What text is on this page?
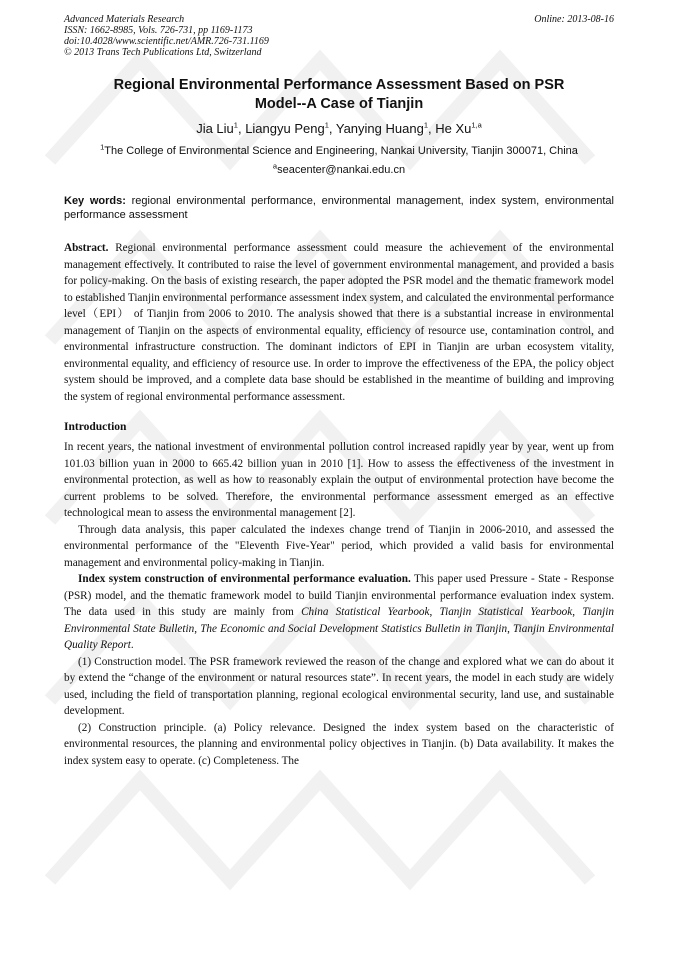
Advanced Materials Research
ISSN: 1662-8985, Vols. 726-731, pp 1169-1173
doi:10.4028/www.scientific.net/AMR.726-731.1169
© 2013 Trans Tech Publications Ltd, Switzerland
Online: 2013-08-16
Regional Environmental Performance Assessment Based on PSR
Model--A Case of Tianjin
Jia Liu$^1$, Liangyu Peng$^1$, Yanying Huang$^1$, He Xu$^{1,a}$
$^1$The College of Environmental Science and Engineering, Nankai University, Tianjin 300071, China
$^a$seacenter@nankai.edu.cn
Key words: regional environmental performance, environmental management, index system, environmental performance assessment

Abstract. Regional environmental performance assessment could measure the achievement of the environmental management effectively. It contributed to raise the level of government environmental management, and provided a basis for policy-making. On the basis of existing research, the paper adopted the PSR model and the thematic framework model to established Tianjin environmental performance assessment index system, and calculated the environmental performance level（EPI） of Tianjin from 2006 to 2010. The analysis showed that there is a substantial increase in environmental management of Tianjin on the aspects of environmental equality, efficiency of resource use, contamination control, and environmental infrastructure construction. The dominant indictors of EPI in Tianjin are urban ecosystem vitality, environmental equality, and efficiency of resource use. In order to improve the effectiveness of the EPA, the policy object system should be improved, and a complete data base should be established in the meantime of building and improving the system of regional environmental performance assessment.

Introduction

In recent years, the national investment of environmental pollution control increased rapidly year by year, went up from 101.03 billion yuan in 2000 to 665.42 billion yuan in 2010 [1]. How to assess the effectiveness of the investment in environmental protection, as well as how to reasonably explain the output of environmental protection have become the current problems to be solved. Therefore, the environmental performance assessment emerged as an effective technological mean to assess the environmental management [2].

Through data analysis, this paper calculated the indexes change trend of Tianjin in 2006-2010, and assessed the environmental performance of the "Eleventh Five-Year" period, which provided a valid basis for environmental management and environmental policy-making in Tianjin.

Index system construction of environmental performance evaluation. This paper used Pressure - State - Response (PSR) model, and the thematic framework model to build Tianjin environmental performance evaluation index system. The data used in this study are mainly from China Statistical Yearbook, Tianjin Statistical Yearbook, Tianjin Environmental State Bulletin, The Economic and Social Development Statistics Bulletin in Tianjin, Tianjin Environmental Quality Report.

(1) Construction model. The PSR framework reviewed the reason of the change and explored what we can do about it by extend the “change of the environment or natural resources state”. In recent years, the model in each study are widely used, including the field of transportation planning, regional ecological environmental security, land use, and sustainable development.

(2) Construction principle. (a) Policy relevance. Designed the index system based on the characteristic of environmental resources, the planning and environmental policy objectives in Tianjin. (b) Data availability. It makes the index system easy to operate. (c) Completeness. The
